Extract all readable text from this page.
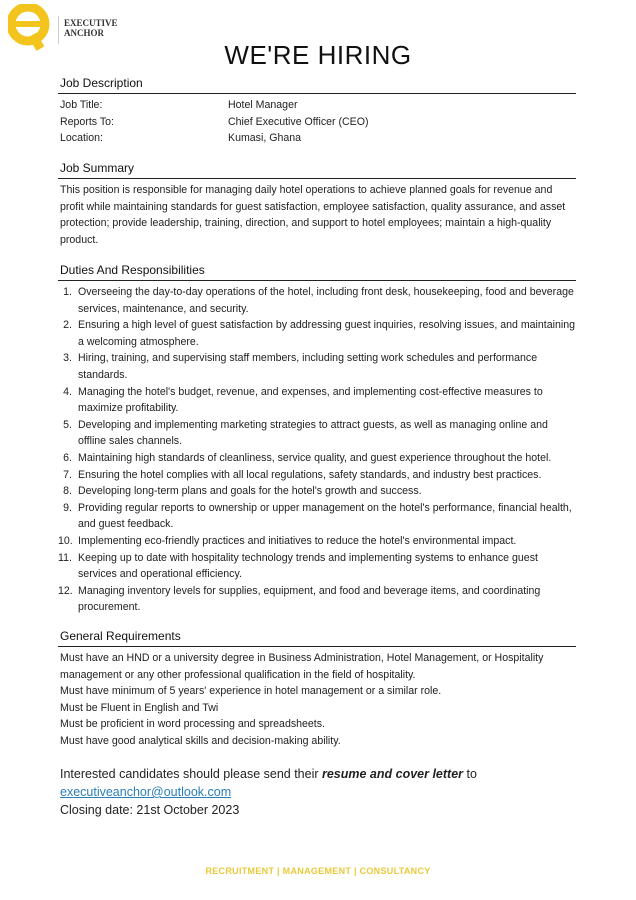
EXECUTIVE
ANCHOR
WE'RE HIRING
Job Description
Job Title:	Hotel Manager
Reports To:	Chief Executive Officer (CEO)
Location:	Kumasi, Ghana
Job Summary
This position is responsible for managing daily hotel operations to achieve planned goals for revenue and profit while maintaining standards for guest satisfaction, employee satisfaction, quality assurance, and asset protection; provide leadership, training, direction, and support to hotel employees; maintain a high-quality product.
Duties And Responsibilities
1. Overseeing the day-to-day operations of the hotel, including front desk, housekeeping, food and beverage services, maintenance, and security.
2. Ensuring a high level of guest satisfaction by addressing guest inquiries, resolving issues, and maintaining a welcoming atmosphere.
3. Hiring, training, and supervising staff members, including setting work schedules and performance standards.
4. Managing the hotel's budget, revenue, and expenses, and implementing cost-effective measures to maximize profitability.
5. Developing and implementing marketing strategies to attract guests, as well as managing online and offline sales channels.
6. Maintaining high standards of cleanliness, service quality, and guest experience throughout the hotel.
7. Ensuring the hotel complies with all local regulations, safety standards, and industry best practices.
8. Developing long-term plans and goals for the hotel's growth and success.
9. Providing regular reports to ownership or upper management on the hotel's performance, financial health, and guest feedback.
10. Implementing eco-friendly practices and initiatives to reduce the hotel's environmental impact.
11. Keeping up to date with hospitality technology trends and implementing systems to enhance guest services and operational efficiency.
12. Managing inventory levels for supplies, equipment, and food and beverage items, and coordinating procurement.
General Requirements
Must have an HND or a university degree in Business Administration, Hotel Management, or Hospitality management or any other professional qualification in the field of hospitality.
Must have minimum of 5 years' experience in hotel management or a similar role.
Must be Fluent in English and Twi
Must be proficient in word processing and spreadsheets.
Must have good analytical skills and decision-making ability.
Interested candidates should please send their resume and cover letter to
executiveanchor@outlook.com
Closing date: 21st October 2023
RECRUITMENT | MANAGEMENT | CONSULTANCY
